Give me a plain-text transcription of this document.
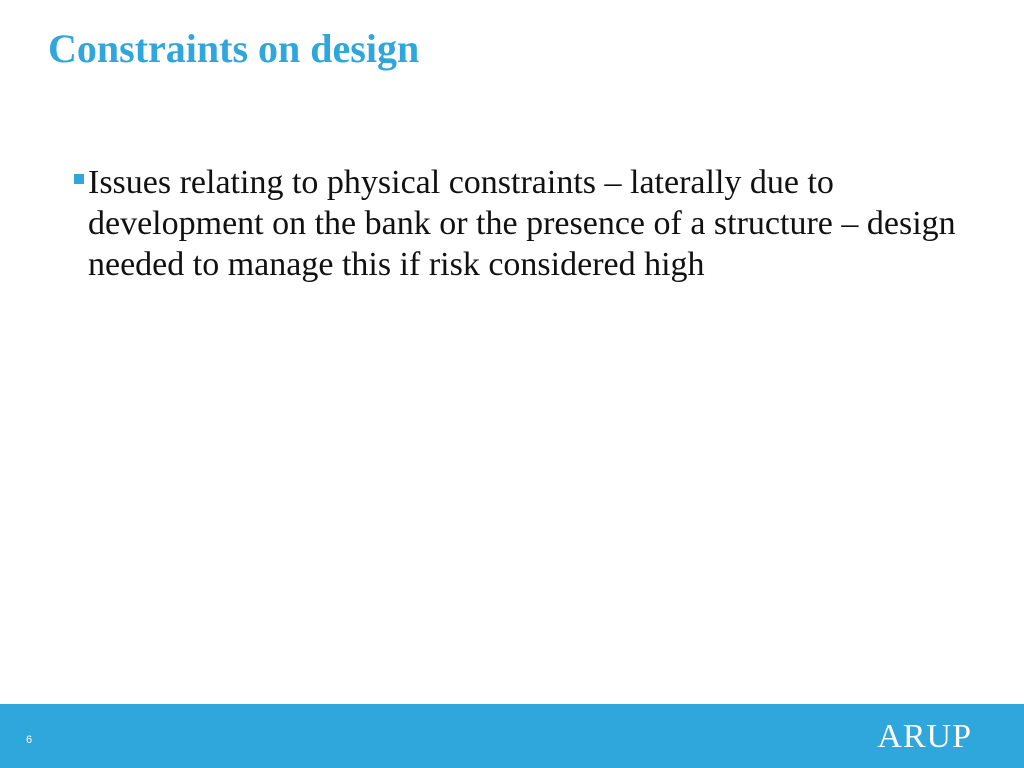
Constraints on design
Issues relating to physical constraints – laterally due to development on the bank or the presence of a structure – design needed to manage this if risk considered high
6	ARUP
